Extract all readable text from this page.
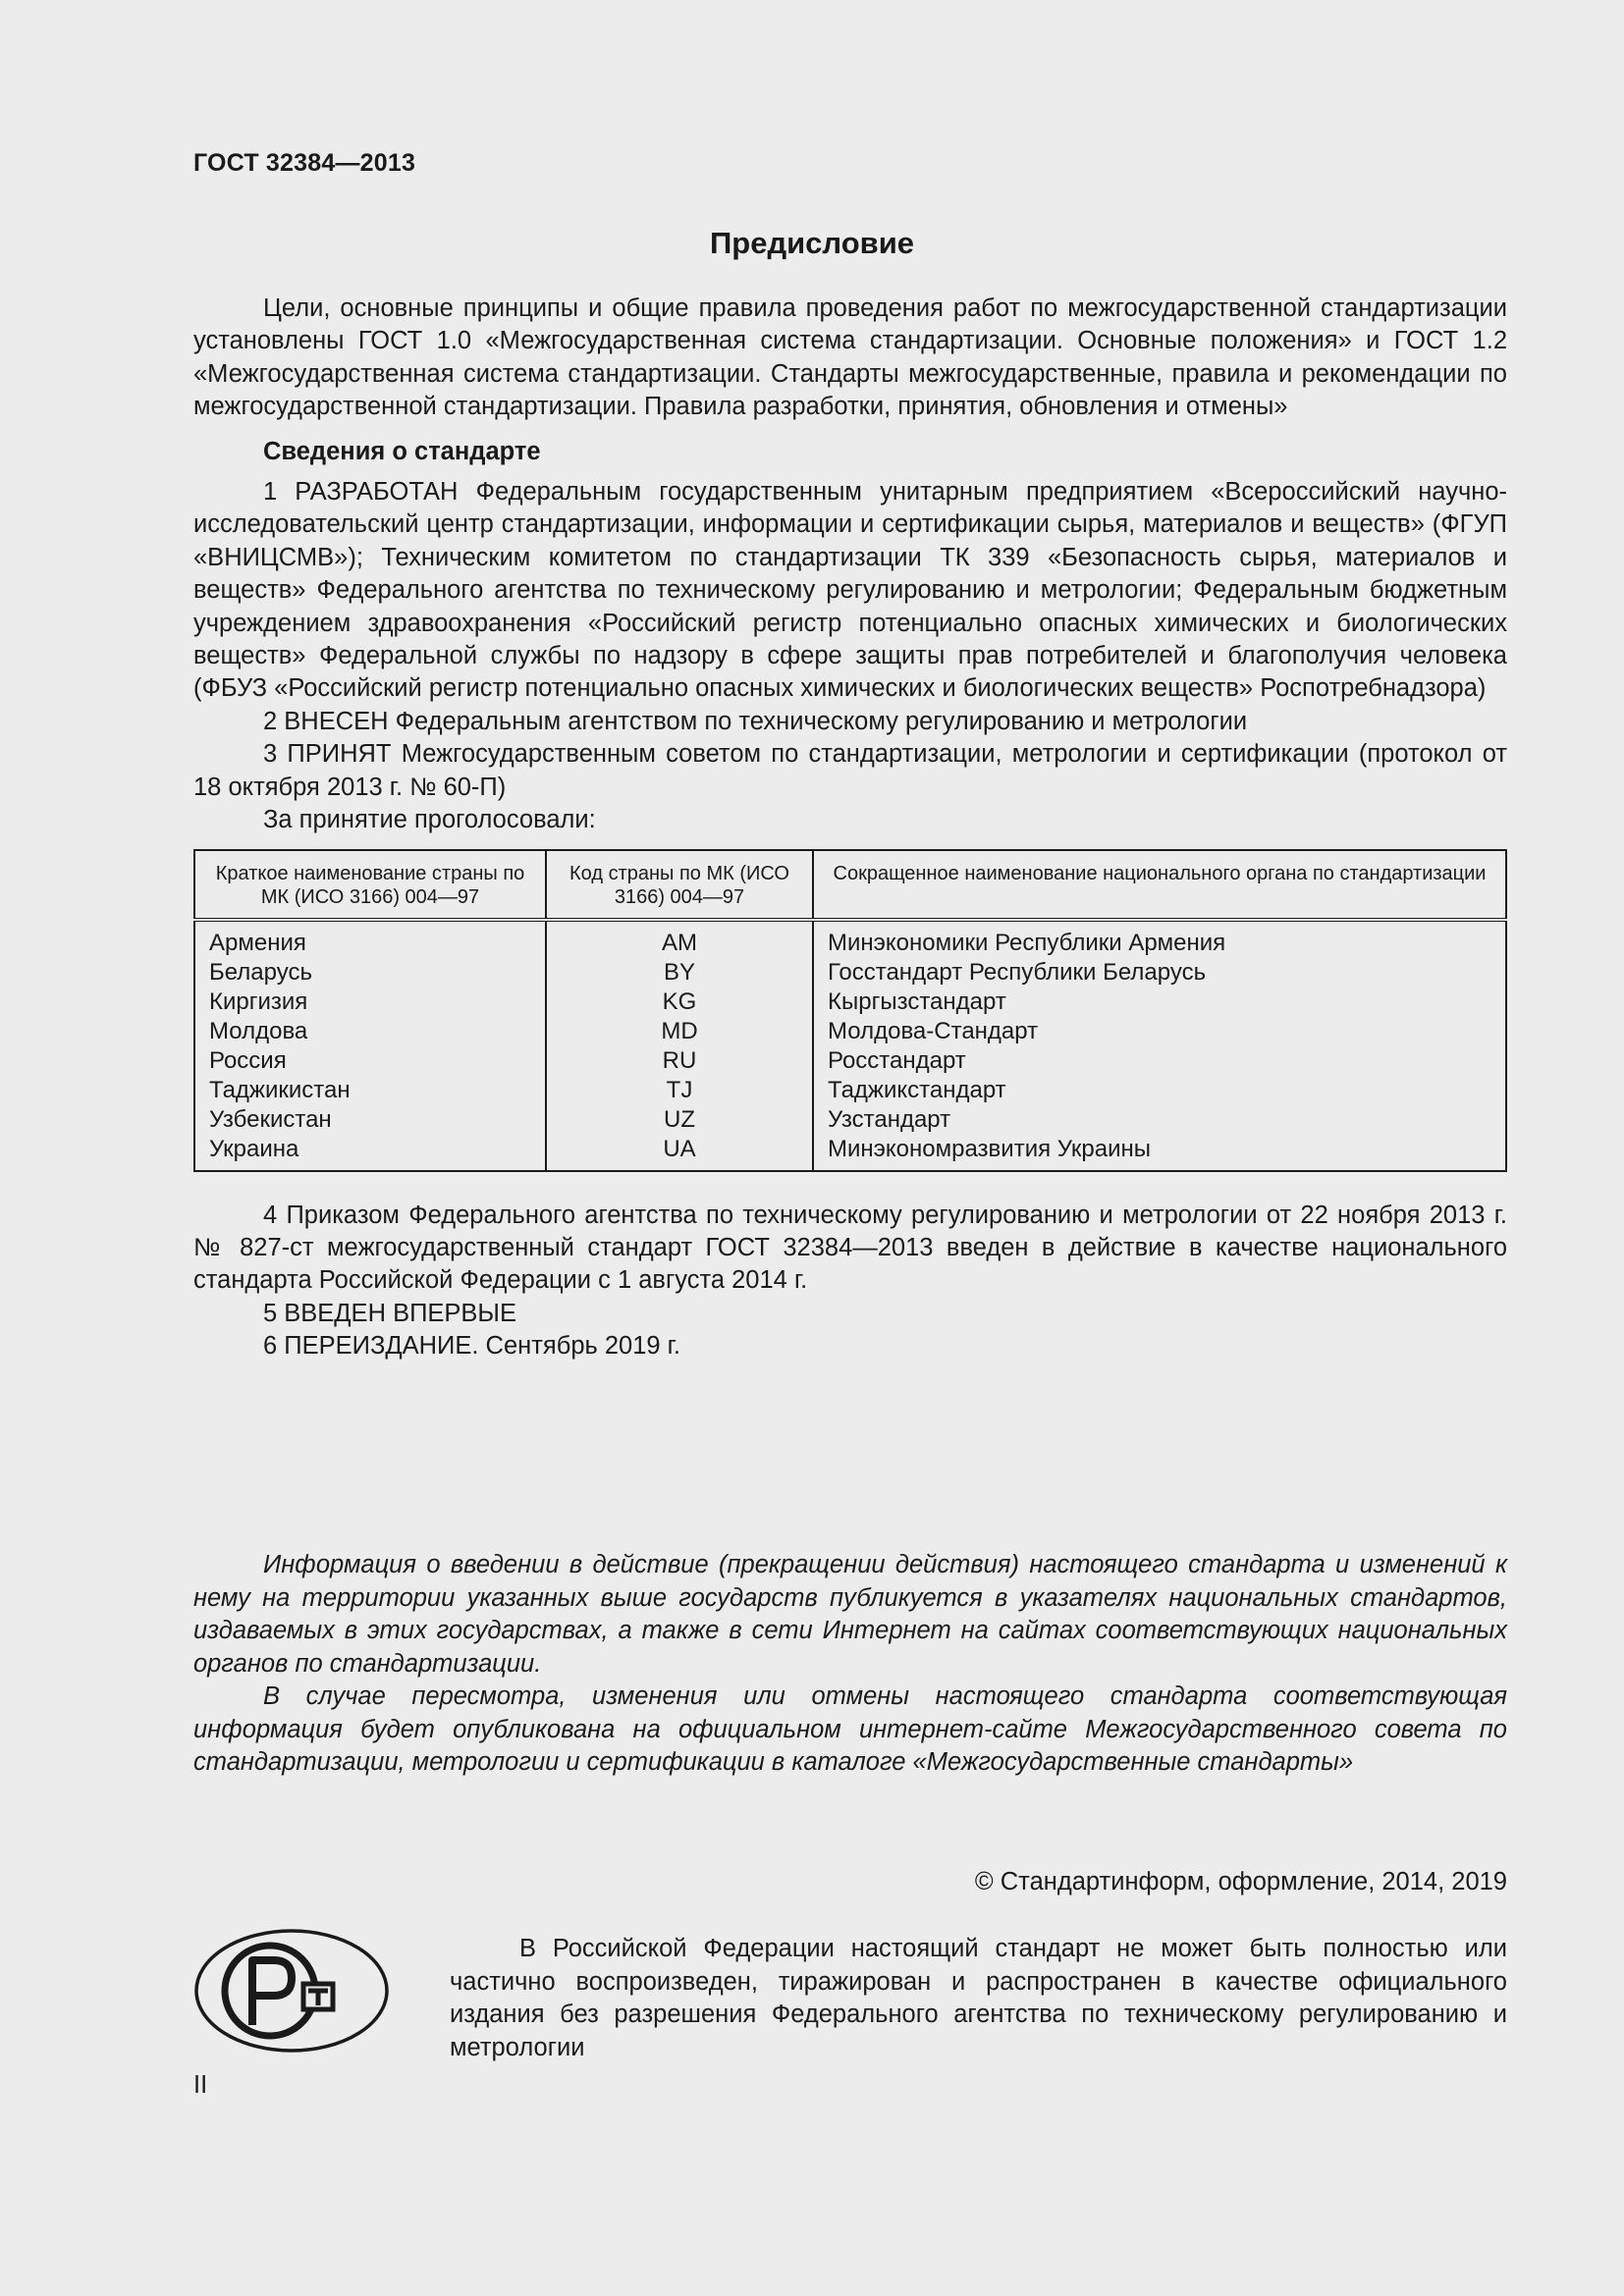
ГОСТ 32384—2013
Предисловие

Цели, основные принципы и общие правила проведения работ по межгосударственной стандартизации установлены ГОСТ 1.0 «Межгосударственная система стандартизации. Основные положения» и ГОСТ 1.2 «Межгосударственная система стандартизации. Стандарты межгосударственные, правила и рекомендации по межгосударственной стандартизации. Правила разработки, принятия, обновления и отмены»

Сведения о стандарте

1 РАЗРАБОТАН Федеральным государственным унитарным предприятием «Всероссийский научно-исследовательский центр стандартизации, информации и сертификации сырья, материалов и веществ» (ФГУП «ВНИЦСМВ»); Техническим комитетом по стандартизации ТК 339 «Безопасность сырья, материалов и веществ» Федерального агентства по техническому регулированию и метрологии; Федеральным бюджетным учреждением здравоохранения «Российский регистр потенциально опасных химических и биологических веществ» Федеральной службы по надзору в сфере защиты прав потребителей и благополучия человека (ФБУЗ «Российский регистр потенциально опасных химических и биологических веществ» Роспотребнадзора)

2 ВНЕСЕН Федеральным агентством по техническому регулированию и метрологии

3 ПРИНЯТ Межгосударственным советом по стандартизации, метрологии и сертификации (протокол от 18 октября 2013 г. № 60-П)

За принятие проголосовали:

Краткое наименование страны по МК (ИСО 3166) 004—97	Код страны по МК (ИСО 3166) 004—97	Сокращенное наименование национального органа по стандартизации
Армения	AM	Минэкономики Республики Армения
Беларусь	BY	Госстандарт Республики Беларусь
Киргизия	KG	Кыргызстандарт
Молдова	MD	Молдова-Стандарт
Россия	RU	Росстандарт
Таджикистан	TJ	Таджикстандарт
Узбекистан	UZ	Узстандарт
Украина	UA	Минэкономразвития Украины

4 Приказом Федерального агентства по техническому регулированию и метрологии от 22 ноября 2013 г. № 827-ст межгосударственный стандарт ГОСТ 32384—2013 введен в действие в качестве национального стандарта Российской Федерации с 1 августа 2014 г.

5 ВВЕДЕН ВПЕРВЫЕ

6 ПЕРЕИЗДАНИЕ. Сентябрь 2019 г.

Информация о введении в действие (прекращении действия) настоящего стандарта и изменений к нему на территории указанных выше государств публикуется в указателях национальных стандартов, издаваемых в этих государствах, а также в сети Интернет на сайтах соответствующих национальных органов по стандартизации.

В случае пересмотра, изменения или отмены настоящего стандарта соответствующая информация будет опубликована на официальном интернет-сайте Межгосударственного совета по стандартизации, метрологии и сертификации в каталоге «Межгосударственные стандарты»

© Стандартинформ, оформление, 2014, 2019
В Российской Федерации настоящий стандарт не может быть полностью или частично воспроизведен, тиражирован и распространен в качестве официального издания без разрешения Федерального агентства по техническому регулированию и метрологии
II
